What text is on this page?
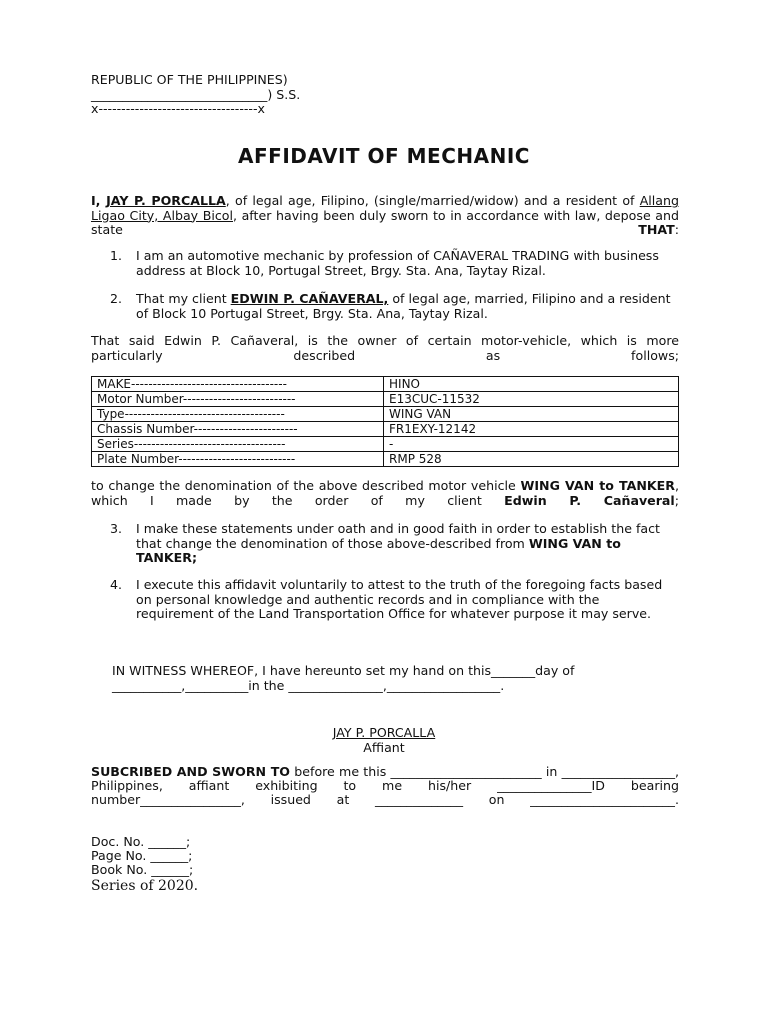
REPUBLIC OF THE PHILIPPINES)
____________________________) S.S.
x-----------------------------------x
AFFIDAVIT OF MECHANIC
I, JAY P. PORCALLA, of legal age, Filipino, (single/married/widow) and a resident of Allang Ligao City, Albay Bicol, after having been duly sworn to in accordance with law, depose and state THAT:
1. I am an automotive mechanic by profession of CAÑAVERAL TRADING with business address at Block 10, Portugal Street, Brgy. Sta. Ana, Taytay Rizal.
2. That my client EDWIN P. CAÑAVERAL, of legal age, married, Filipino and a resident of Block 10 Portugal Street, Brgy. Sta. Ana, Taytay Rizal.
That said Edwin P. Cañaveral, is the owner of certain motor-vehicle, which is more particularly described as follows;
MAKE------------------------------------	HINO
Motor Number--------------------------	E13CUC-11532
Type-------------------------------------	WING VAN
Chassis Number------------------------	FR1EXY-12142
Series-----------------------------------	-
Plate Number---------------------------	RMP 528
to change the denomination of the above described motor vehicle WING VAN to TANKER, which I made by the order of my client Edwin P. Cañaveral;
3. I make these statements under oath and in good faith in order to establish the fact that change the denomination of those above-described from WING VAN to TANKER;
4. I execute this affidavit voluntarily to attest to the truth of the foregoing facts based on personal knowledge and authentic records and in compliance with the requirement of the Land Transportation Office for whatever purpose it may serve.
IN WITNESS WHEREOF, I have hereunto set my hand on this_______day of
___________,__________in the _______________,__________________.
JAY P. PORCALLA
Affiant
SUBCRIBED AND SWORN TO before me this ________________________ in __________________, Philippines, affiant exhibiting to me his/her _______________ID bearing number________________, issued at ______________ on _______________________.
Doc. No. ______;
Page No. ______;
Book No. ______;
Series of 2020.
